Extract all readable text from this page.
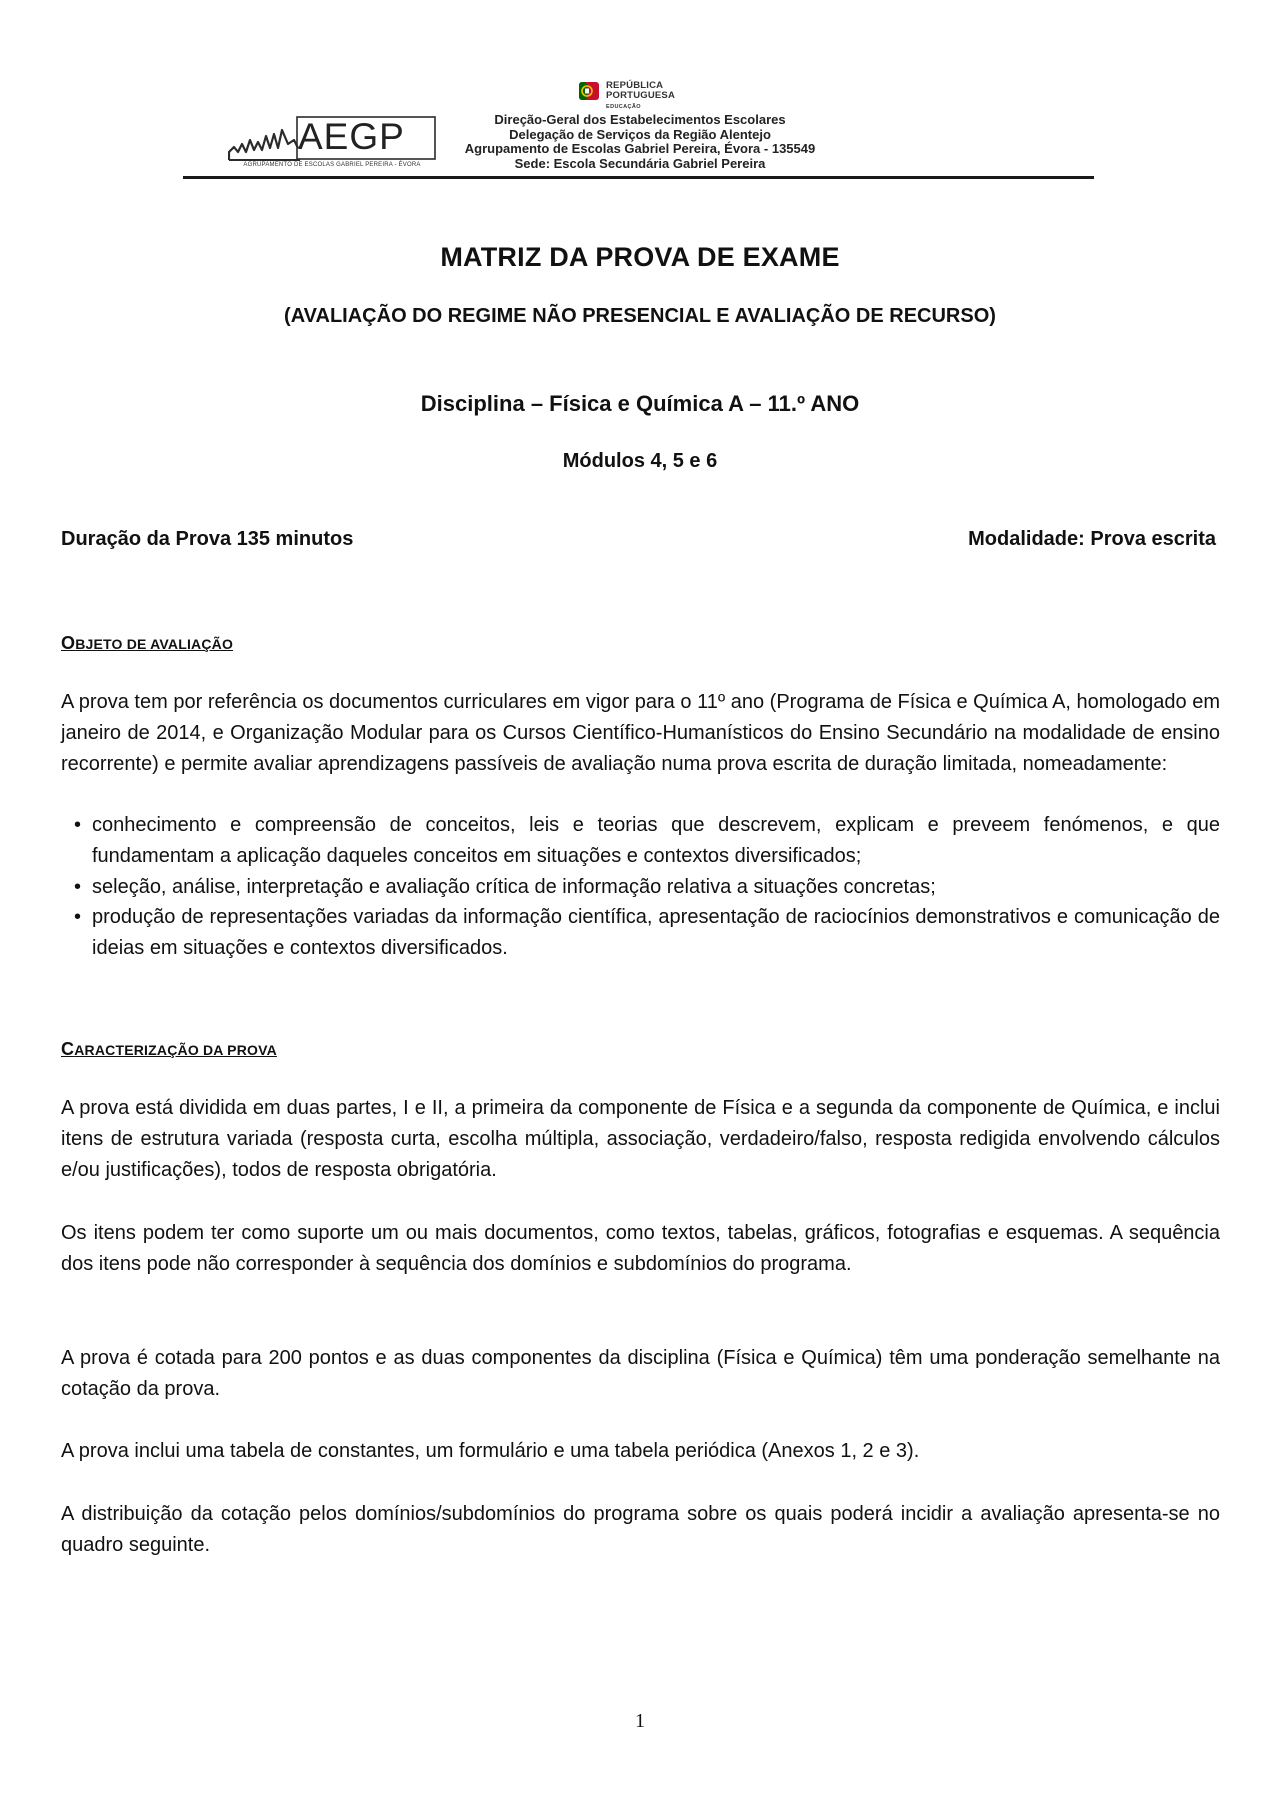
REPÚBLICA
PORTUGUESA
EDUCAÇÃO
AEGP
AGRUPAMENTO DE ESCOLAS GABRIEL PEREIRA - ÉVORA
Direção-Geral dos Estabelecimentos Escolares
Delegação de Serviços da Região Alentejo
Agrupamento de Escolas Gabriel Pereira, Évora - 135549
Sede: Escola Secundária Gabriel Pereira
MATRIZ DA PROVA DE EXAME
(AVALIAÇÃO DO REGIME NÃO PRESENCIAL E AVALIAÇÃO DE RECURSO)
Disciplina – Física e Química A – 11.º ANO
Módulos 4, 5 e 6
Duração da Prova 135 minutos	Modalidade: Prova escrita
OBJETO DE AVALIAÇÃO
A prova tem por referência os documentos curriculares em vigor para o 11º ano (Programa de Física e Química A, homologado em janeiro de 2014, e Organização Modular para os Cursos Científico-Humanísticos do Ensino Secundário na modalidade de ensino recorrente) e permite avaliar aprendizagens passíveis de avaliação numa prova escrita de duração limitada, nomeadamente:
• conhecimento e compreensão de conceitos, leis e teorias que descrevem, explicam e preveem fenómenos, e que fundamentam a aplicação daqueles conceitos em situações e contextos diversificados;
• seleção, análise, interpretação e avaliação crítica de informação relativa a situações concretas;
• produção de representações variadas da informação científica, apresentação de raciocínios demonstrativos e comunicação de ideias em situações e contextos diversificados.
CARACTERIZAÇÃO DA PROVA
A prova está dividida em duas partes, I e II, a primeira da componente de Física e a segunda da componente de Química, e inclui itens de estrutura variada (resposta curta, escolha múltipla, associação, verdadeiro/falso, resposta redigida envolvendo cálculos e/ou justificações), todos de resposta obrigatória.
Os itens podem ter como suporte um ou mais documentos, como textos, tabelas, gráficos, fotografias e esquemas. A sequência dos itens pode não corresponder à sequência dos domínios e subdomínios do programa.
A prova é cotada para 200 pontos e as duas componentes da disciplina (Física e Química) têm uma ponderação semelhante na cotação da prova.
A prova inclui uma tabela de constantes, um formulário e uma tabela periódica (Anexos 1, 2 e 3).
A distribuição da cotação pelos domínios/subdomínios do programa sobre os quais poderá incidir a avaliação apresenta-se no quadro seguinte.
1
